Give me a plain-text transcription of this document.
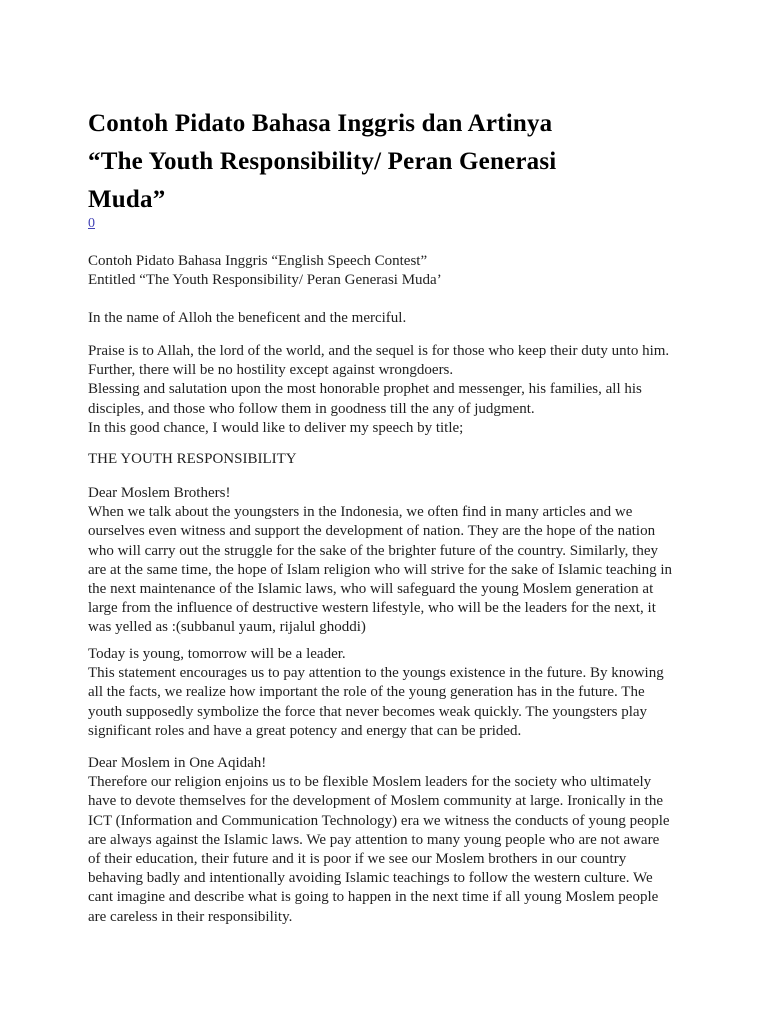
Contoh Pidato Bahasa Inggris dan Artinya
“The Youth Responsibility/ Peran Generasi
Muda”
0
Contoh Pidato Bahasa Inggris “English Speech Contest”
Entitled “The Youth Responsibility/ Peran Generasi Muda’
In the name of Alloh the beneficent and the merciful.
Praise is to Allah, the lord of the world, and the sequel is for those who keep their duty unto him.
Further, there will be no hostility except against wrongdoers.
Blessing and salutation upon the most honorable prophet and messenger, his families, all his
disciples, and those who follow them in goodness till the any of judgment.
In this good chance, I would like to deliver my speech by title;
THE YOUTH RESPONSIBILITY
Dear Moslem Brothers!
When we talk about the youngsters in the Indonesia, we often find in many articles and we
ourselves even witness and support the development of nation. They are the hope of the nation
who will carry out the struggle for the sake of the brighter future of the country. Similarly, they
are at the same time, the hope of Islam religion who will strive for the sake of Islamic teaching in
the next maintenance of the Islamic laws, who will safeguard the young Moslem generation at
large from the influence of destructive western lifestyle, who will be the leaders for the next, it
was yelled as :(subbanul yaum, rijalul ghoddi)
Today is young, tomorrow will be a leader.
This statement encourages us to pay attention to the youngs existence in the future. By knowing
all the facts, we realize how important the role of the young generation has in the future. The
youth supposedly symbolize the force that never becomes weak quickly. The youngsters play
significant roles and have a great potency and energy that can be prided.
Dear Moslem in One Aqidah!
Therefore our religion enjoins us to be flexible Moslem leaders for the society who ultimately
have to devote themselves for the development of Moslem community at large. Ironically in the
ICT (Information and Communication Technology) era we witness the conducts of young people
are always against the Islamic laws. We pay attention to many young people who are not aware
of their education, their future and it is poor if we see our Moslem brothers in our country
behaving badly and intentionally avoiding Islamic teachings to follow the western culture. We
cant imagine and describe what is going to happen in the next time if all young Moslem people
are careless in their responsibility.
